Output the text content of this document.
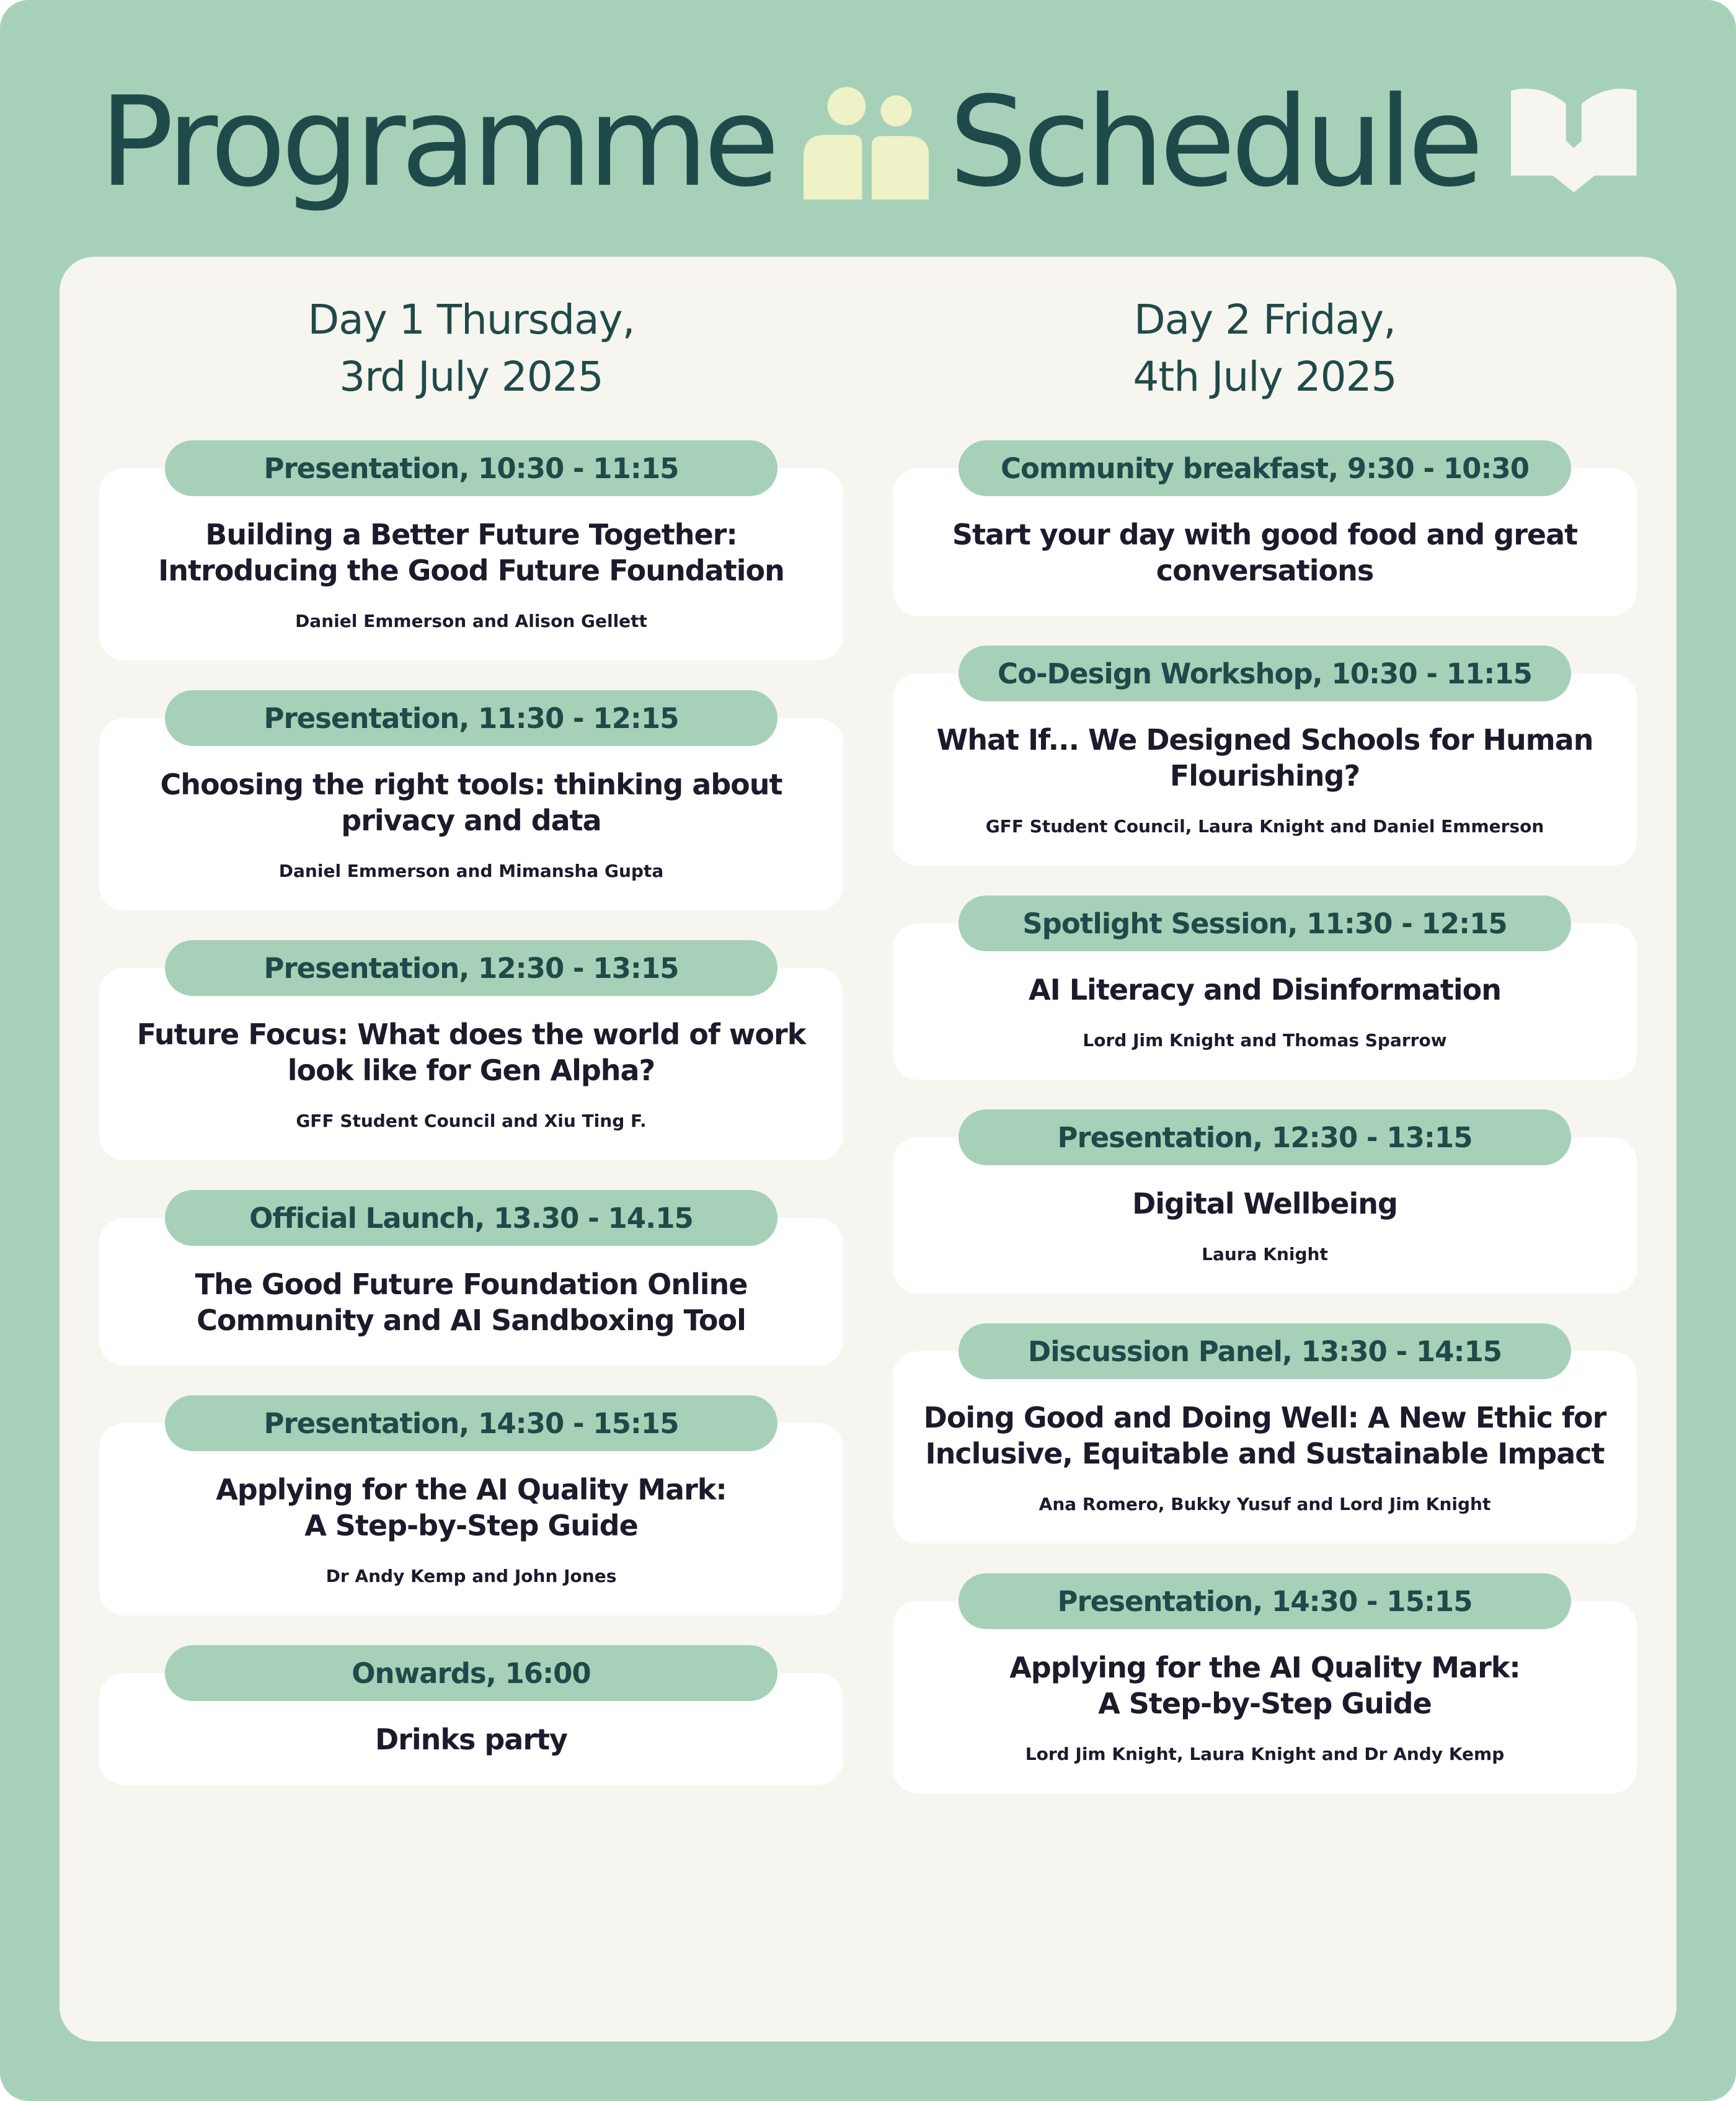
Programme Schedule
Day 1 Thursday,
3rd July 2025
Presentation, 10:30 - 11:15
Building a Better Future Together:
Introducing the Good Future Foundation
Daniel Emmerson and Alison Gellett
Presentation, 11:30 - 12:15
Choosing the right tools: thinking about
privacy and data
Daniel Emmerson and Mimansha Gupta
Presentation, 12:30 - 13:15
Future Focus: What does the world of work
look like for Gen Alpha?
GFF Student Council and Xiu Ting F.
Official Launch, 13.30 - 14.15
The Good Future Foundation Online
Community and AI Sandboxing Tool
Presentation, 14:30 - 15:15
Applying for the AI Quality Mark:
A Step-by-Step Guide
Dr Andy Kemp and John Jones
Onwards, 16:00
Drinks party
Day 2 Friday,
4th July 2025
Community breakfast, 9:30 - 10:30
Start your day with good food and great
conversations
Co-Design Workshop, 10:30 - 11:15
What If... We Designed Schools for Human
Flourishing?
GFF Student Council, Laura Knight and Daniel Emmerson
Spotlight Session, 11:30 - 12:15
AI Literacy and Disinformation
Lord Jim Knight and Thomas Sparrow
Presentation, 12:30 - 13:15
Digital Wellbeing
Laura Knight
Discussion Panel, 13:30 - 14:15
Doing Good and Doing Well: A New Ethic for
Inclusive, Equitable and Sustainable Impact
Ana Romero, Bukky Yusuf and Lord Jim Knight
Presentation, 14:30 - 15:15
Applying for the AI Quality Mark:
A Step-by-Step Guide
Lord Jim Knight, Laura Knight and Dr Andy Kemp
